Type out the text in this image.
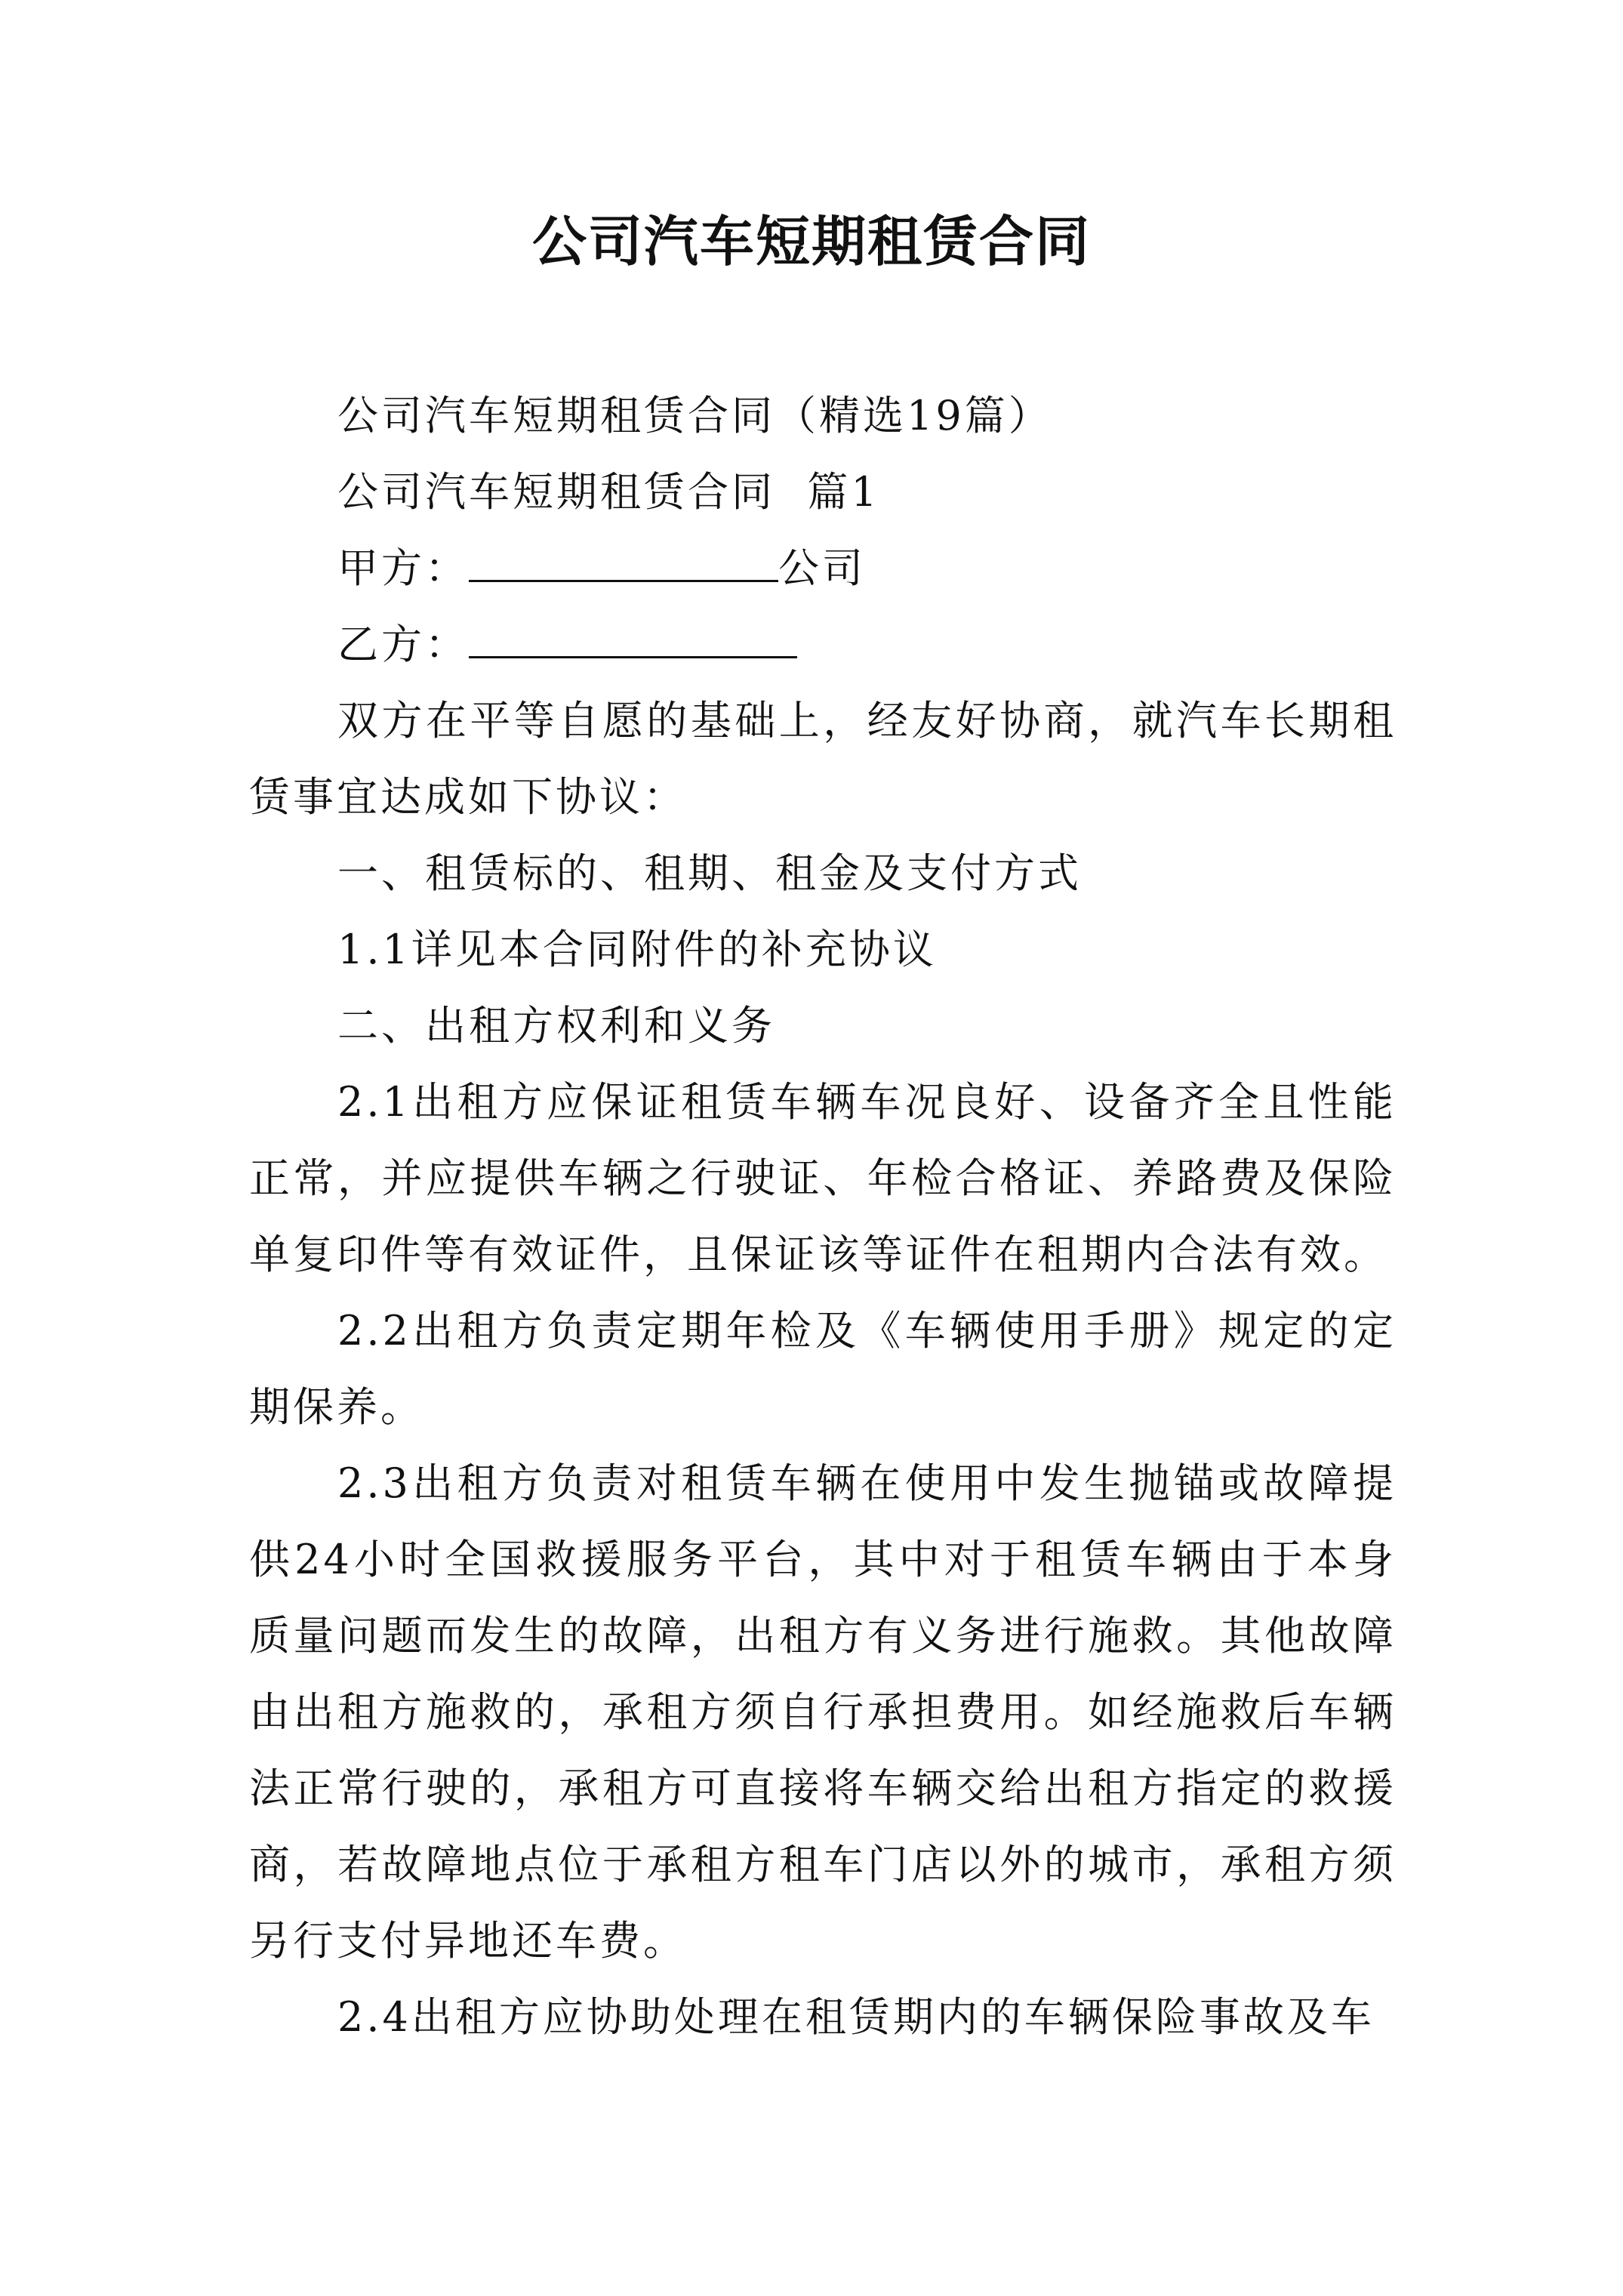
公司汽车短期租赁合同

公司汽车短期租赁合同（精选19篇）

公司汽车短期租赁合同  篇1

甲方：	公司

乙方：

双方在平等自愿的基础上，经友好协商，就汽车长期租赁事宜达成如下协议：

一、租赁标的、租期、租金及支付方式

1.1详见本合同附件的补充协议

二、出租方权利和义务

2.1出租方应保证租赁车辆车况良好、设备齐全且性能正常，并应提供车辆之行驶证、年检合格证、养路费及保险单复印件等有效证件，且保证该等证件在租期内合法有效。

2.2出租方负责定期年检及《车辆使用手册》规定的定期保养。

2.3出租方负责对租赁车辆在使用中发生抛锚或故障提供24小时全国救援服务平台，其中对于租赁车辆由于本身质量问题而发生的故障，出租方有义务进行施救。其他故障由出租方施救的，承租方须自行承担费用。如经施救后车辆法正常行驶的，承租方可直接将车辆交给出租方指定的救援商，若故障地点位于承租方租车门店以外的城市，承租方须另行支付异地还车费。

2.4出租方应协助处理在租赁期内的车辆保险事故及车
